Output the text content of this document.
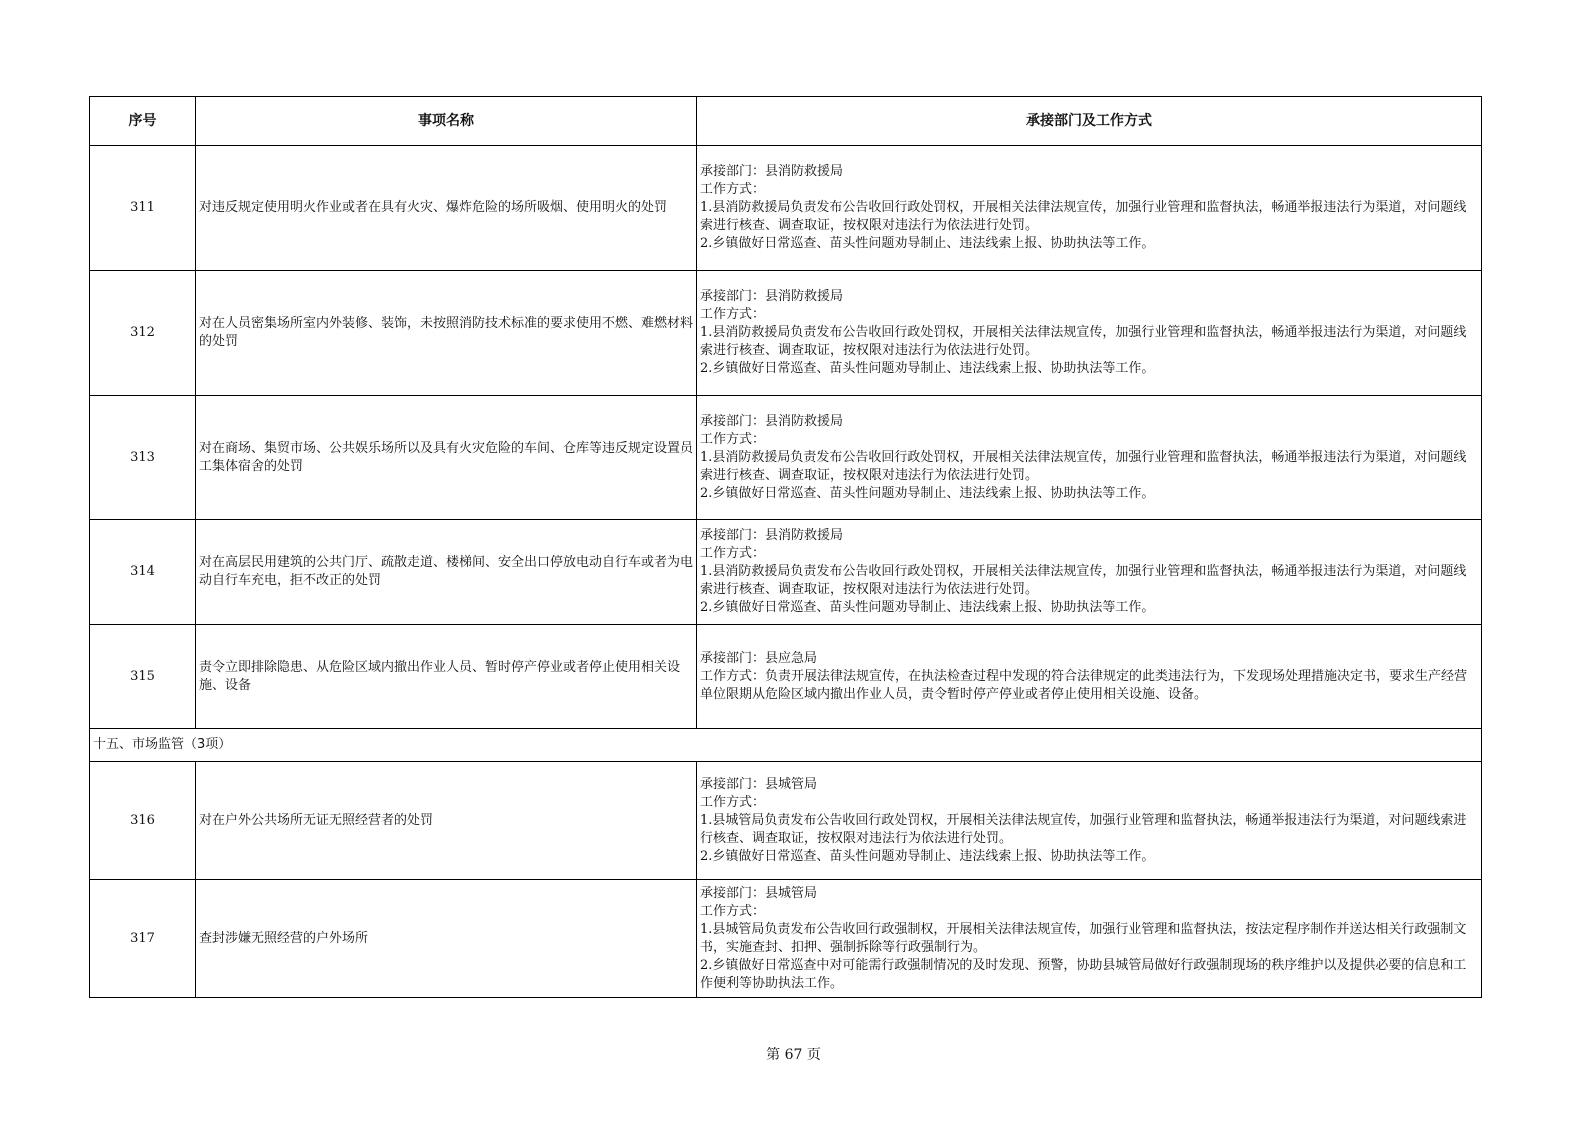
序号	事项名称	承接部门及工作方式
311	对违反规定使用明火作业或者在具有火灾、爆炸危险的场所吸烟、使用明火的处罚	承接部门：县消防救援局
工作方式：
1.县消防救援局负责发布公告收回行政处罚权，开展相关法律法规宣传，加强行业管理和监督执法，畅通举报违法行为渠道，对问题线索进行核查、调查取证，按权限对违法行为依法进行处罚。
2.乡镇做好日常巡查、苗头性问题劝导制止、违法线索上报、协助执法等工作。

312	对在人员密集场所室内外装修、装饰，未按照消防技术标准的要求使用不燃、难燃材料的处罚	承接部门：县消防救援局
工作方式：
1.县消防救援局负责发布公告收回行政处罚权，开展相关法律法规宣传，加强行业管理和监督执法，畅通举报违法行为渠道，对问题线索进行核查、调查取证，按权限对违法行为依法进行处罚。
2.乡镇做好日常巡查、苗头性问题劝导制止、违法线索上报、协助执法等工作。

313	对在商场、集贸市场、公共娱乐场所以及具有火灾危险的车间、仓库等违反规定设置员工集体宿舍的处罚	承接部门：县消防救援局
工作方式：
1.县消防救援局负责发布公告收回行政处罚权，开展相关法律法规宣传，加强行业管理和监督执法，畅通举报违法行为渠道，对问题线索进行核查、调查取证，按权限对违法行为依法进行处罚。
2.乡镇做好日常巡查、苗头性问题劝导制止、违法线索上报、协助执法等工作。

314	对在高层民用建筑的公共门厅、疏散走道、楼梯间、安全出口停放电动自行车或者为电动自行车充电，拒不改正的处罚	承接部门：县消防救援局
工作方式：
1.县消防救援局负责发布公告收回行政处罚权，开展相关法律法规宣传，加强行业管理和监督执法，畅通举报违法行为渠道，对问题线索进行核查、调查取证，按权限对违法行为依法进行处罚。
2.乡镇做好日常巡查、苗头性问题劝导制止、违法线索上报、协助执法等工作。

315	责令立即排除隐患、从危险区域内撤出作业人员、暂时停产停业或者停止使用相关设施、设备	承接部门：县应急局
工作方式：负责开展法律法规宣传，在执法检查过程中发现的符合法律规定的此类违法行为，下发现场处理措施决定书，要求生产经营单位限期从危险区域内撤出作业人员，责令暂时停产停业或者停止使用相关设施、设备。

十五、市场监管（3项）		
316	对在户外公共场所无证无照经营者的处罚	承接部门：县城管局
工作方式：
1.县城管局负责发布公告收回行政处罚权，开展相关法律法规宣传，加强行业管理和监督执法，畅通举报违法行为渠道，对问题线索进行核查、调查取证，按权限对违法行为依法进行处罚。
2.乡镇做好日常巡查、苗头性问题劝导制止、违法线索上报、协助执法等工作。

317	查封涉嫌无照经营的户外场所	承接部门：县城管局
工作方式：
1.县城管局负责发布公告收回行政强制权，开展相关法律法规宣传，加强行业管理和监督执法，按法定程序制作并送达相关行政强制文书，实施查封、扣押、强制拆除等行政强制行为。
2.乡镇做好日常巡查中对可能需行政强制情况的及时发现、预警，协助县城管局做好行政强制现场的秩序维护以及提供必要的信息和工作便利等协助执法工作。
第 67 页
